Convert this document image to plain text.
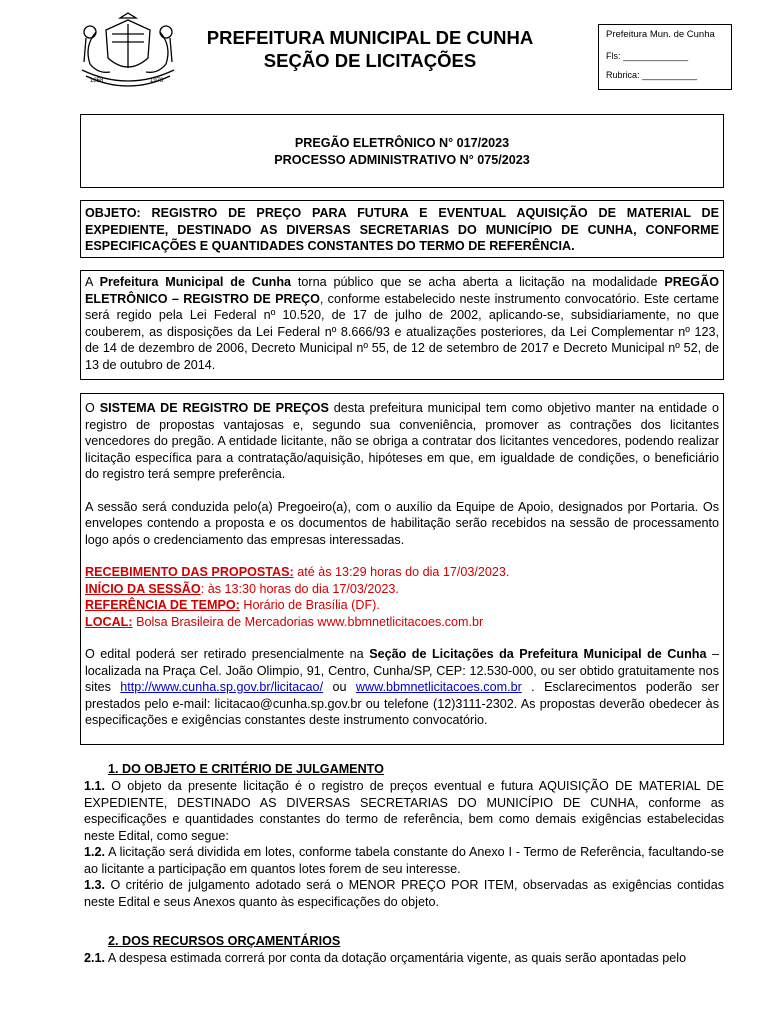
1858	1978
PREFEITURA MUNICIPAL DE CUNHA
SEÇÃO DE LICITAÇÕES
Prefeitura Mun. de Cunha
Fls: _____________
Rubrica: ___________
PREGÃO ELETRÔNICO N° 017/2023
PROCESSO ADMINISTRATIVO N° 075/2023

OBJETO: REGISTRO DE PREÇO PARA FUTURA E EVENTUAL AQUISIÇÃO DE MATERIAL DE EXPEDIENTE, DESTINADO AS DIVERSAS SECRETARIAS DO MUNICÍPIO DE CUNHA, CONFORME ESPECIFICAÇÕES E QUANTIDADES CONSTANTES DO TERMO DE REFERÊNCIA.

A Prefeitura Municipal de Cunha torna público que se acha aberta a licitação na modalidade PREGÃO ELETRÔNICO – REGISTRO DE PREÇO, conforme estabelecido neste instrumento convocatório. Este certame será regido pela Lei Federal nº 10.520, de 17 de julho de 2002, aplicando-se, subsidiariamente, no que couberem, as disposições da Lei Federal nº 8.666/93 e atualizações posteriores, da Lei Complementar nº 123, de 14 de dezembro de 2006, Decreto Municipal nº 55, de 12 de setembro de 2017 e Decreto Municipal nº 52, de 13 de outubro de 2014.

O SISTEMA DE REGISTRO DE PREÇOS desta prefeitura municipal tem como objetivo manter na entidade o registro de propostas vantajosas e, segundo sua conveniência, promover as contrações dos licitantes vencedores do pregão. A entidade licitante, não se obriga a contratar dos licitantes vencedores, podendo realizar licitação específica para a contratação/aquisição, hipóteses em que, em igualdade de condições, o beneficiário do registro terá sempre preferência.

A sessão será conduzida pelo(a) Pregoeiro(a), com o auxílio da Equipe de Apoio, designados por Portaria. Os envelopes contendo a proposta e os documentos de habilitação serão recebidos na sessão de processamento logo após o credenciamento das empresas interessadas.

RECEBIMENTO DAS PROPOSTAS: até às 13:29 horas do dia 17/03/2023.

INÍCIO DA SESSÃO: às 13:30 horas do dia 17/03/2023.

REFERÊNCIA DE TEMPO: Horário de Brasília (DF).

LOCAL: Bolsa Brasileira de Mercadorias www.bbmnetlicitacoes.com.br

O edital poderá ser retirado presencialmente na Seção de Licitações da Prefeitura Municipal de Cunha – localizada na Praça Cel. João Olimpio, 91, Centro, Cunha/SP, CEP: 12.530-000, ou ser obtido gratuitamente nos sites http://www.cunha.sp.gov.br/licitacao/ ou www.bbmnetlicitacoes.com.br . Esclarecimentos poderão ser prestados pelo e-mail: licitacao@cunha.sp.gov.br ou telefone (12)3111-2302. As propostas deverão obedecer às especificações e exigências constantes deste instrumento convocatório.

1. DO OBJETO E CRITÉRIO DE JULGAMENTO

1.1. O objeto da presente licitação é o registro de preços eventual e futura AQUISIÇÃO DE MATERIAL DE EXPEDIENTE, DESTINADO AS DIVERSAS SECRETARIAS DO MUNICÍPIO DE CUNHA, conforme as especificações e quantidades constantes do termo de referência, bem como demais exigências estabelecidas neste Edital, como segue:

1.2. A licitação será dividida em lotes, conforme tabela constante do Anexo I - Termo de Referência, facultando-se ao licitante a participação em quantos lotes forem de seu interesse.

1.3. O critério de julgamento adotado será o MENOR PREÇO POR ITEM, observadas as exigências contidas neste Edital e seus Anexos quanto às especificações do objeto.

2. DOS RECURSOS ORÇAMENTÁRIOS

2.1. A despesa estimada correrá por conta da dotação orçamentária vigente, as quais serão apontadas pelo
